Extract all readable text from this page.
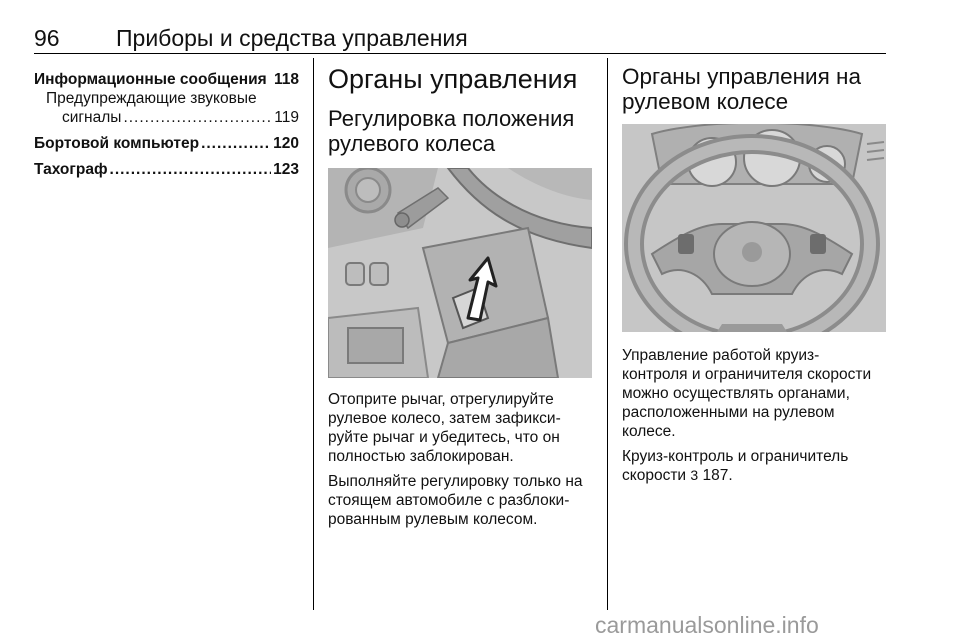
96 Приборы и средства управления
Информационные сообщения 118
Предупреждающие звуковые
сигналы .....	119
Бортовой компьютер .....	120
Тахограф .....	123
Органы управления
Регулировка положения рулевого колеса

Отоприте рычаг, отрегулируйте рулевое колесо, затем зафикси- руйте рычаг и убедитесь, что он полностью заблокирован.

Выполняйте регулировку только на стоящем автомобиле с разблоки- рованным рулевым колесом.

Органы управления на рулевом колесе

Управление работой круиз- контроля и ограничителя скорости можно осуществлять органами, расположенными на рулевом колесе.

Круиз-контроль и ограничитель скорости 3 187.

carmanualsonline.info
